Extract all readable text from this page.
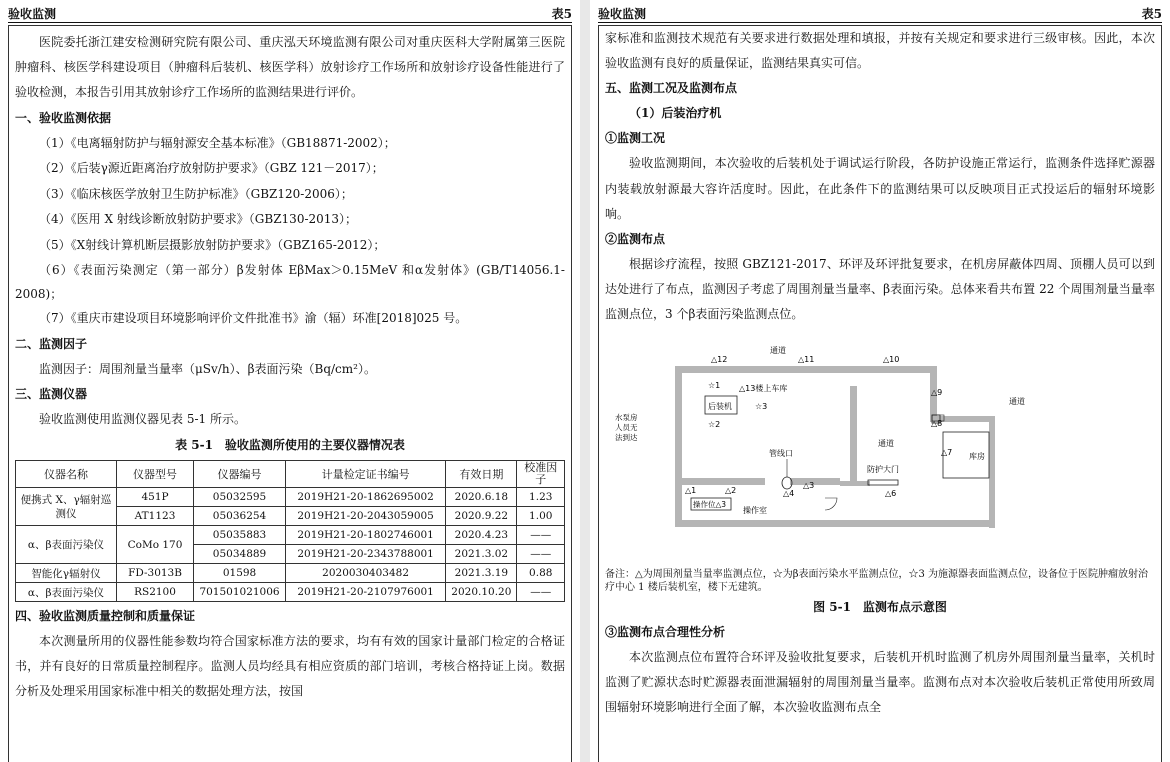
验收监测	表5

医院委托浙江建安检测研究院有限公司、重庆泓天环境监测有限公司对重庆医科大学附属第三医院肿瘤科、核医学科建设项目（肿瘤科后装机、核医学科）放射诊疗工作场所和放射诊疗设备性能进行了验收检测，本报告引用其放射诊疗工作场所的监测结果进行评价。

一、验收监测依据

（1）《电离辐射防护与辐射源安全基本标准》（GB18871-2002）；

（2）《后装γ源近距离治疗放射防护要求》（GBZ 121－2017）；

（3）《临床核医学放射卫生防护标准》（GBZ120-2006）；

（4）《医用 X 射线诊断放射防护要求》（GBZ130-2013）；

（5）《X射线计算机断层摄影放射防护要求》（GBZ165-2012）；

（6）《表面污染测定（第一部分）β发射体 EβMax＞0.15MeV 和α发射体》(GB/T14056.1-2008)；

（7）《重庆市建设项目环境影响评价文件批准书》渝（辐）环准[2018]025 号。

二、监测因子

监测因子：周围剂量当量率（μSv/h）、β表面污染（Bq/cm²）。

三、监测仪器

验收监测使用监测仪器见表 5-1 所示。

表 5-1　验收监测所使用的主要仪器情况表

仪器名称	仪器型号	仪器编号	计量检定证书编号	有效日期	校准因子
便携式 X、γ辐射巡测仪	451P	05032595	2019H21-20-1862695002	2020.6.18	1.23
	AT1123	05036254	2019H21-20-2043059005	2020.9.22	1.00
α、β表面污染仪	CoMo 170	05035883	2019H21-20-1802746001	2020.4.23	——
		05034889	2019H21-20-2343788001	2021.3.02	——
智能化γ辐射仪	FD-3013B	01598	2020030403482	2021.3.19	0.88
α、β表面污染仪	RS2100	701501021006	2019H21-20-2107976001	2020.10.20	——

四、验收监测质量控制和质量保证

本次测量所用的仪器性能参数均符合国家标准方法的要求，均有有效的国家计量部门检定的合格证书，并有良好的日常质量控制程序。监测人员均经具有相应资质的部门培训，考核合格持证上岗。数据分析及处理采用国家标准中相关的数据处理方法，按国

验收监测	表5

家标准和监测技术规范有关要求进行数据处理和填报，并按有关规定和要求进行三级审核。因此，本次验收监测有良好的质量保证，监测结果真实可信。

五、监测工况及监测布点

（1）后装治疗机

①监测工况

验收监测期间，本次验收的后装机处于调试运行阶段，各防护设施正常运行，监测条件选择贮源器内装载放射源最大容许活度时。因此，在此条件下的监测结果可以反映项目正式投运后的辐射环境影响。

②监测布点

根据诊疗流程，按照 GBZ121-2017、环评及环评批复要求，在机房屏蔽体四周、顶棚人员可以到达处进行了布点，监测因子考虑了周围剂量当量率、β表面污染。总体来看共布置 22 个周围剂量当量率监测点位，3 个β表面污染监测点位。

操作位△3
后装机
库房
防护大门
管线口
通道
通道
通道
水泵房
人员无
法到达
操作室
△13楼上车库
△12	△11	△10
△9
△8
△7
△6
△3
△4
△2
△1
☆1
☆2
☆3

备注：△为周围剂量当量率监测点位，☆为β表面污染水平监测点位，☆3 为施源器表面监测点位，设备位于医院肿瘤放射治疗中心 1 楼后装机室，楼下无建筑。

图 5-1　监测布点示意图

③监测布点合理性分析

本次监测点位布置符合环评及验收批复要求，后装机开机时监测了机房外周围剂量当量率，关机时监测了贮源状态时贮源器表面泄漏辐射的周围剂量当量率。监测布点对本次验收后装机正常使用所致周围辐射环境影响进行全面了解，本次验收监测布点全
